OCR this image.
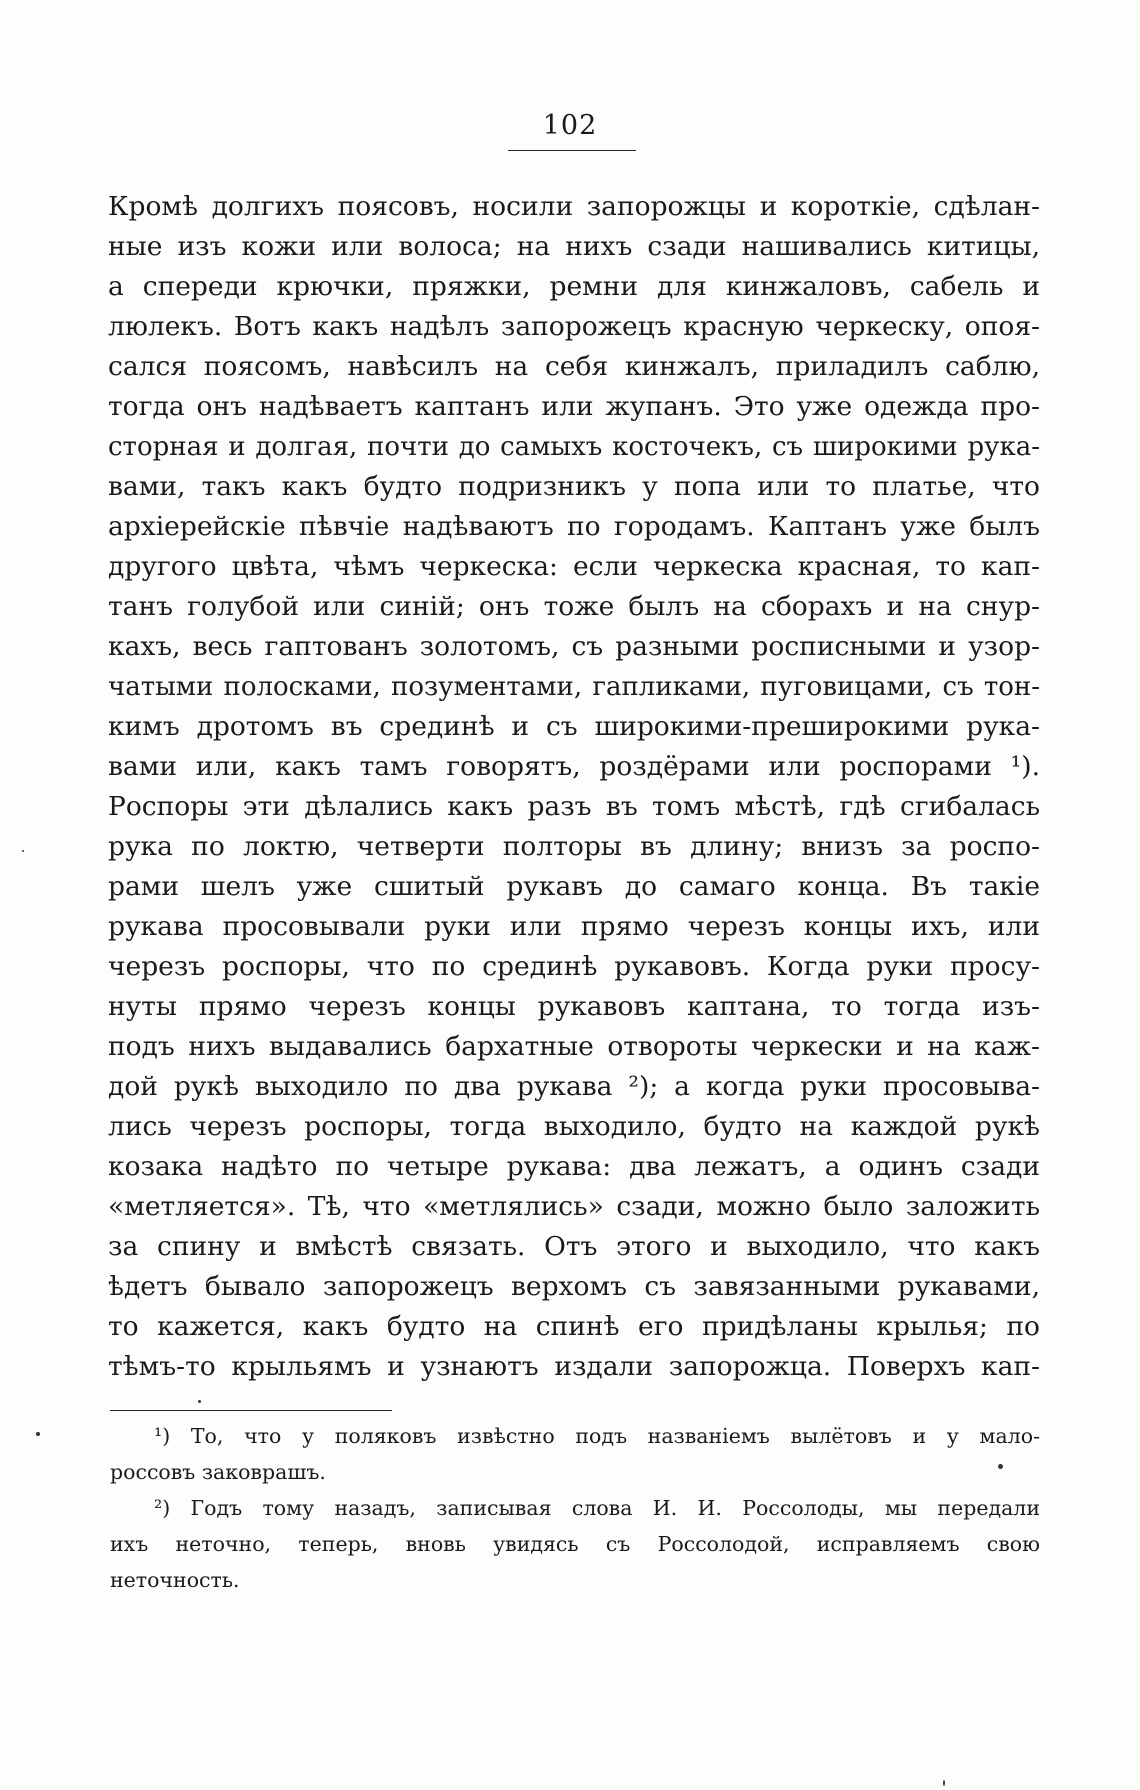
102
Кромѣ долгихъ поясовъ, носили запорожцы и короткіе, сдѣлан-
ные изъ кожи или волоса; на нихъ сзади нашивались китицы,
а спереди крючки, пряжки, ремни для кинжаловъ, сабель и
люлекъ. Вотъ какъ надѣлъ запорожецъ красную черкеску, опоя-
сался поясомъ, навѣсилъ на себя кинжалъ, приладилъ саблю,
тогда онъ надѣваетъ каптанъ или жупанъ. Это уже одежда про-
сторная и долгая, почти до самыхъ косточекъ, съ широкими рука-
вами, такъ какъ будто подризникъ у попа или то платье, что
архіерейскіе пѣвчіе надѣваютъ по городамъ. Каптанъ уже былъ
другого цвѣта, чѣмъ черкеска: если черкеска красная, то кап-
танъ голубой или синій; онъ тоже былъ на сборахъ и на снур-
кахъ, весь гаптованъ золотомъ, съ разными росписными и узор-
чатыми полосками, позументами, гапликами, пуговицами, съ тон-
кимъ дротомъ въ срединѣ и съ широкими-преширокими рука-
вами или, какъ тамъ говорятъ, роздёрами или роспорами ¹).
Роспоры эти дѣлались какъ разъ въ томъ мѣстѣ, гдѣ сгибалась
рука по локтю, четверти полторы въ длину; внизъ за роспо-
рами шелъ уже сшитый рукавъ до самаго конца. Въ такіе
рукава просовывали руки или прямо черезъ концы ихъ, или
черезъ роспоры, что по срединѣ рукавовъ. Когда руки просу-
нуты прямо черезъ концы рукавовъ каптана, то тогда изъ-
подъ нихъ выдавались бархатные отвороты черкески и на каж-
дой рукѣ выходило по два рукава ²); а когда руки просовыва-
лись черезъ роспоры, тогда выходило, будто на каждой рукѣ
козака надѣто по четыре рукава: два лежатъ, а одинъ сзади
«метляется». Тѣ, что «метлялись» сзади, можно было заложить
за спину и вмѣстѣ связать. Отъ этого и выходило, что какъ
ѣдетъ бывало запорожецъ верхомъ съ завязанными рукавами,
то кажется, какъ будто на спинѣ его придѣланы крылья; по
тѣмъ-то крыльямъ и узнаютъ издали запорожца. Поверхъ кап-
¹) То, что у поляковъ извѣстно подъ названіемъ вылётовъ и у мало-
россовъ заковрашъ.
²) Годъ тому назадъ, записывая слова И. И. Россолоды, мы передали
ихъ неточно, теперь, вновь увидясь съ Россолодой, исправляемъ свою
неточность.
